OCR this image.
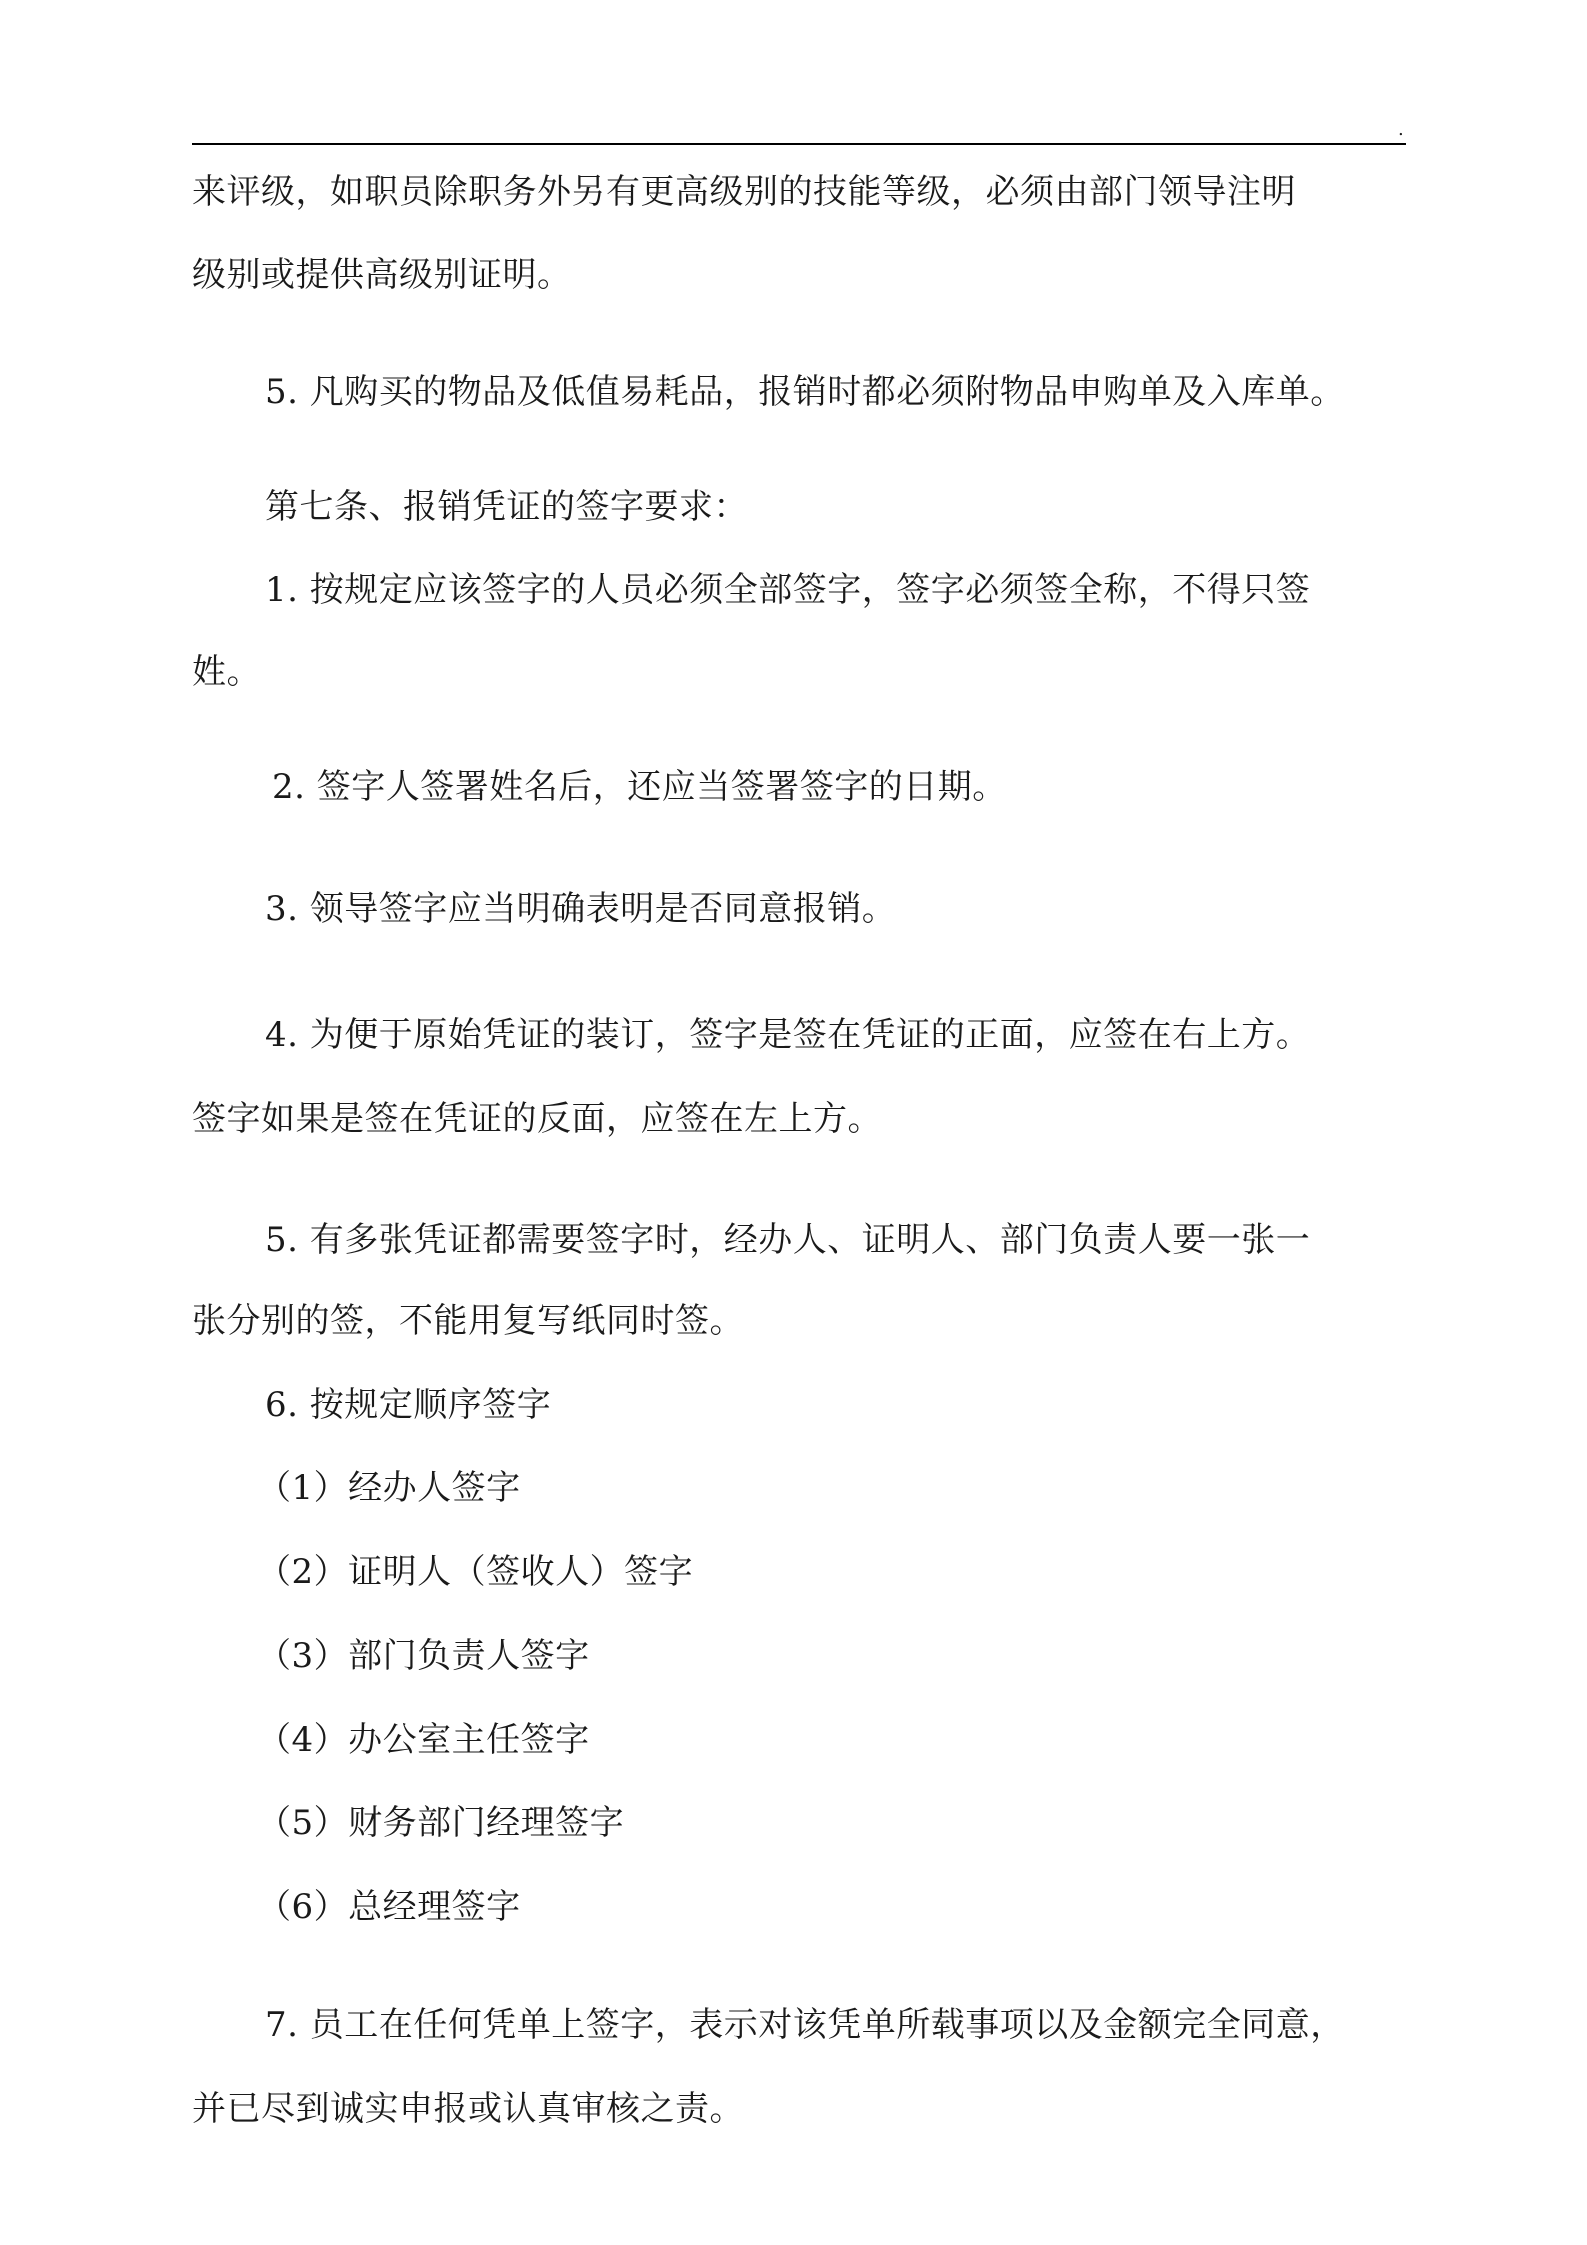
.
来评级，如职员除职务外另有更高级别的技能等级，必须由部门领导注明
级别或提供高级别证明。
5. 凡购买的物品及低值易耗品，报销时都必须附物品申购单及入库单。
第七条、报销凭证的签字要求：
1. 按规定应该签字的人员必须全部签字，签字必须签全称，不得只签
姓。
2. 签字人签署姓名后，还应当签署签字的日期。
3. 领导签字应当明确表明是否同意报销。
4. 为便于原始凭证的装订，签字是签在凭证的正面，应签在右上方。
签字如果是签在凭证的反面，应签在左上方。
5. 有多张凭证都需要签字时，经办人、证明人、部门负责人要一张一
张分别的签，不能用复写纸同时签。
6. 按规定顺序签字
（1）经办人签字
（2）证明人（签收人）签字
（3）部门负责人签字
（4）办公室主任签字
（5）财务部门经理签字
（6）总经理签字
7. 员工在任何凭单上签字，表示对该凭单所载事项以及金额完全同意，
并已尽到诚实申报或认真审核之责。
